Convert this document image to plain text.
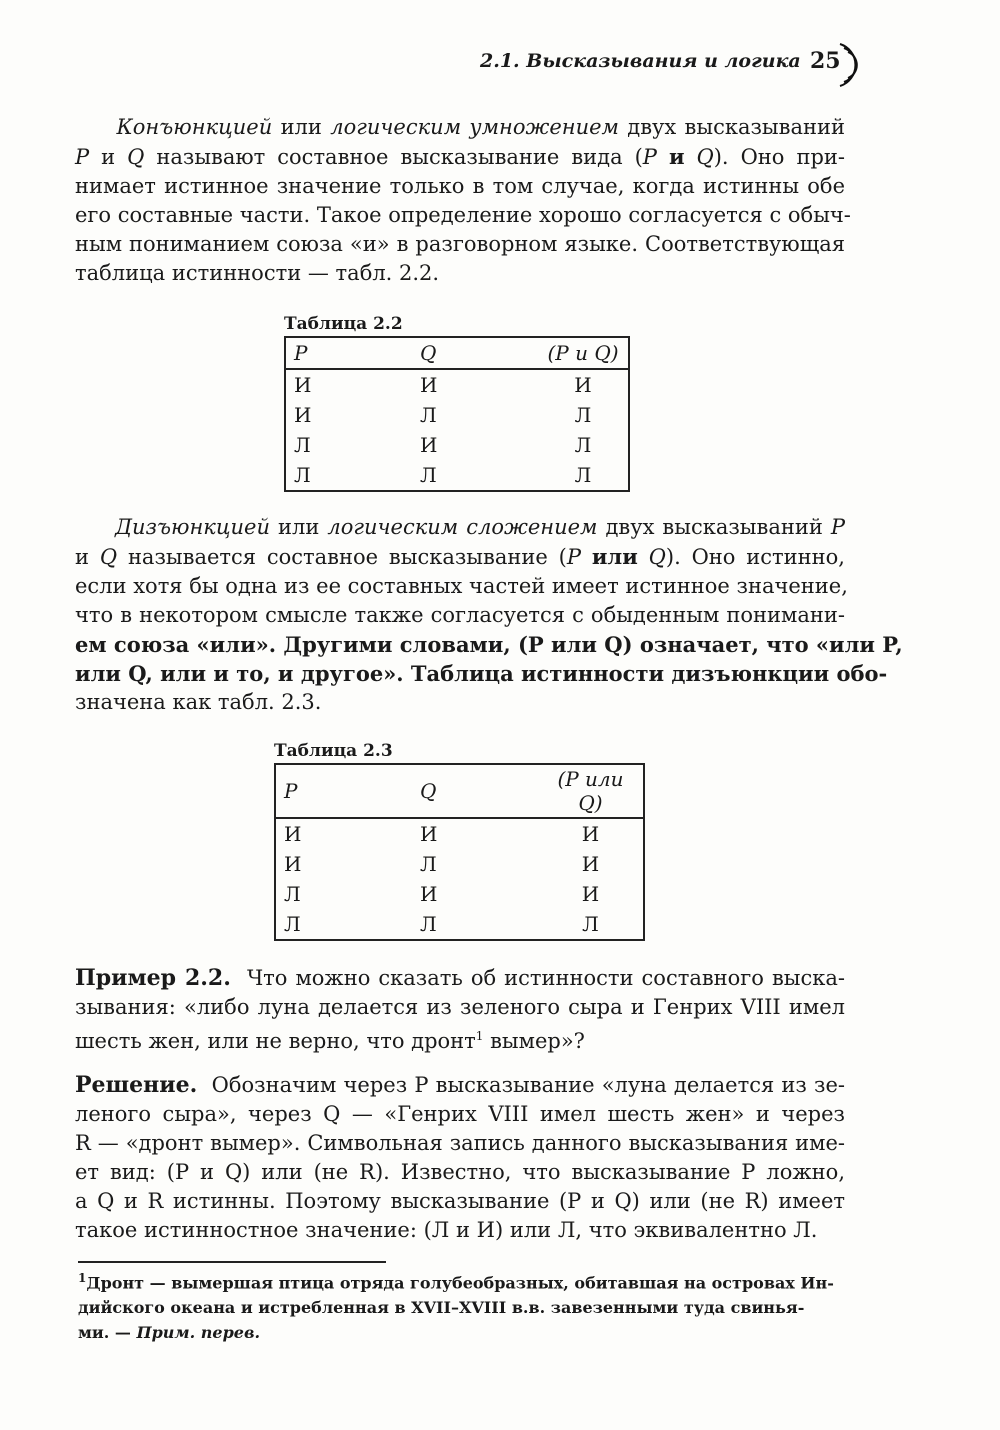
2.1. Высказывания и логика 25
Конъюнкцией или логическим умножением двух высказываний
P и Q называют составное высказывание вида (P и Q). Оно при-
нимает истинное значение только в том случае, когда истинны обе
его составные части. Такое определение хорошо согласуется с обыч-
ным пониманием союза «и» в разговорном языке. Соответствующая
таблица истинности — табл. 2.2.
Таблица 2.2
P	Q	(P и Q)
И	И	И
И	Л	Л
Л	И	Л
Л	Л	Л
Дизъюнкцией или логическим сложением двух высказываний P
и Q называется составное высказывание (P или Q). Оно истинно,
если хотя бы одна из ее составных частей имеет истинное значение,
что в некотором смысле также согласуется с обыденным понимани-
ем союза «или». Другими словами, (P или Q) означает, что «или P,
или Q, или и то, и другое». Таблица истинности дизъюнкции обо-
значена как табл. 2.3.
Таблица 2.3
P	Q	(P или Q)
И	И	И
И	Л	И
Л	И	И
Л	Л	Л
Пример 2.2. Что можно сказать об истинности составного выска-
зывания: «либо луна делается из зеленого сыра и Генрих VIII имел
шесть жен, или не верно, что дронт$^1$ вымер»?
Решение. Обозначим через P высказывание «луна делается из зе-
леного сыра», через Q — «Генрих VIII имел шесть жен» и через
R — «дронт вымер». Символьная запись данного высказывания име-
ет вид: (P и Q) или (не R). Известно, что высказывание P ложно,
а Q и R истинны. Поэтому высказывание (P и Q) или (не R) имеет
такое истинностное значение: (Л и И) или Л, что эквивалентно Л.
$^1$Дронт — вымершая птица отряда голубеобразных, обитавшая на островах Ин-
дийского океана и истребленная в XVII–XVIII в.в. завезенными туда свинья-
ми. — Прим. перев.
